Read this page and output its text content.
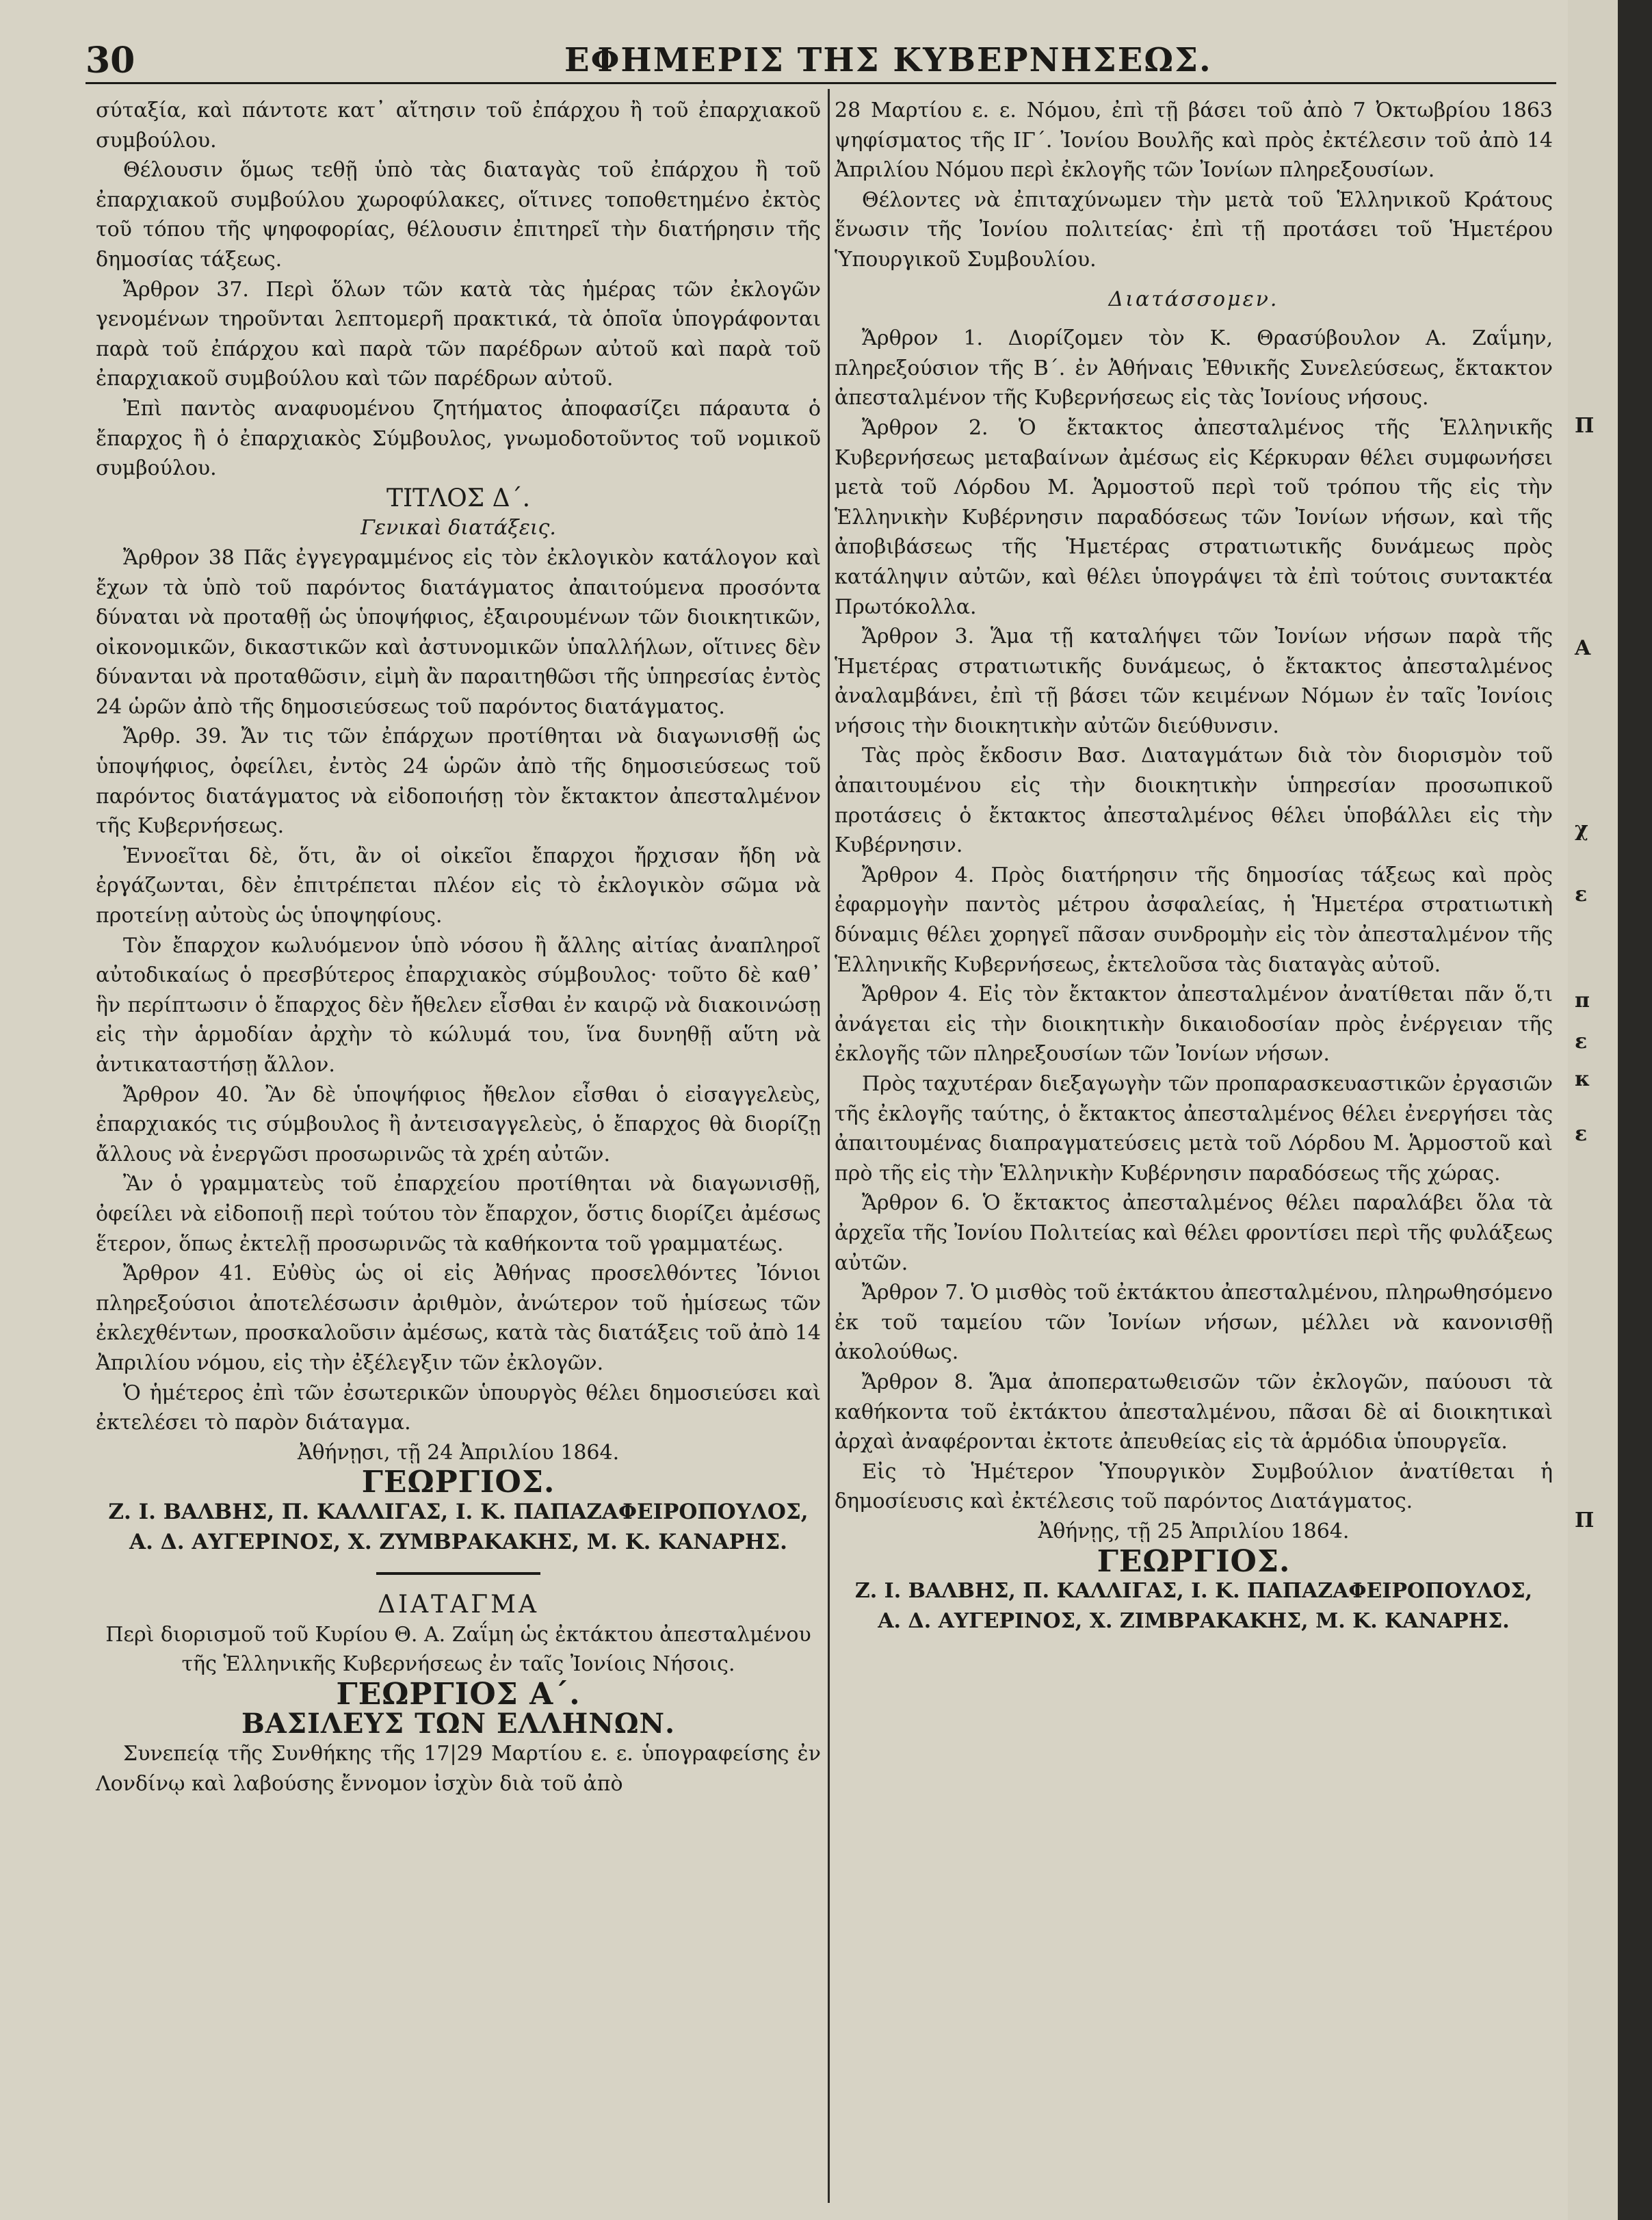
30	ΕΦΗΜΕΡΙΣ ΤΗΣ ΚΥΒΕΡΝΗΣΕΩΣ.

σύταξία, καὶ πάντοτε κατ᾽ αἴτησιν τοῦ ἐπάρχου ἢ τοῦ ἐπαρχιακοῦ συμβούλου.

Θέλουσιν ὅμως τεθῇ ὑπὸ τὰς διαταγὰς τοῦ ἐπάρχου ἢ τοῦ ἐπαρχιακοῦ συμβούλου χωροφύλακες, οἵτινες τοποθετημένο ἐκτὸς τοῦ τόπου τῆς ψηφοφορίας, θέλουσιν ἐπιτηρεῖ τὴν διατήρησιν τῆς δημοσίας τάξεως.

Ἄρθρον 37. Περὶ ὅλων τῶν κατὰ τὰς ἡμέρας τῶν ἐκλογῶν γενομένων τηροῦνται λεπτομερῆ πρακτικά, τὰ ὁποῖα ὑπογράφονται παρὰ τοῦ ἐπάρχου καὶ παρὰ τῶν παρέδρων αὐτοῦ καὶ παρὰ τοῦ ἐπαρχιακοῦ συμβούλου καὶ τῶν παρέδρων αὐτοῦ.

Ἐπὶ παντὸς αναφυομένου ζητήματος ἀποφασίζει πάραυτα ὁ ἔπαρχος ἢ ὁ ἐπαρχιακὸς Σύμβουλος, γνωμοδοτοῦντος τοῦ νομικοῦ συμβούλου.

ΤΙΤΛΟΣ Δ΄.

Γενικαὶ διατάξεις.

Ἄρθρον 38 Πᾶς ἐγγεγραμμένος εἰς τὸν ἐκλογικὸν κατάλογον καὶ ἔχων τὰ ὑπὸ τοῦ παρόντος διατάγματος ἀπαιτούμενα προσόντα δύναται νὰ προταθῇ ὡς ὑποψήφιος, ἐξαιρουμένων τῶν διοικητικῶν, οἰκονομικῶν, δικαστικῶν καὶ ἀστυνομικῶν ὑπαλλήλων, οἵτινες δὲν δύνανται νὰ προταθῶσιν, εἰμὴ ἂν παραιτηθῶσι τῆς ὑπηρεσίας ἐντὸς 24 ὡρῶν ἀπὸ τῆς δημοσιεύσεως τοῦ παρόντος διατάγματος.

Ἄρθρ. 39. Ἄν τις τῶν ἐπάρχων προτίθηται νὰ διαγωνισθῇ ὡς ὑποψήφιος, ὀφείλει, ἐντὸς 24 ὡρῶν ἀπὸ τῆς δημοσιεύσεως τοῦ παρόντος διατάγματος νὰ εἰδοποιήσῃ τὸν ἔκτακτον ἀπεσταλμένον τῆς Κυβερνήσεως.

Ἐννοεῖται δὲ, ὅτι, ἂν οἱ οἰκεῖοι ἔπαρχοι ἤρχισαν ἤδη νὰ ἐργάζωνται, δὲν ἐπιτρέπεται πλέον εἰς τὸ ἐκλογικὸν σῶμα νὰ προτείνῃ αὐτοὺς ὡς ὑποψηφίους.

Τὸν ἔπαρχον κωλυόμενον ὑπὸ νόσου ἢ ἄλλης αἰτίας ἀναπληροῖ αὐτοδικαίως ὁ πρεσβύτερος ἐπαρχιακὸς σύμβουλος· τοῦτο δὲ καθ᾽ ἣν περίπτωσιν ὁ ἔπαρχος δὲν ἤθελεν εἶσθαι ἐν καιρῷ νὰ διακοινώσῃ εἰς τὴν ἁρμοδίαν ἀρχὴν τὸ κώλυμά του, ἵνα δυνηθῇ αὕτη νὰ ἀντικαταστήσῃ ἄλλον.

Ἄρθρον 40. Ἂν δὲ ὑποψήφιος ἤθελον εἶσθαι ὁ εἰσαγγελεὺς, ἐπαρχιακός τις σύμβουλος ἢ ἀντεισαγγελεὺς, ὁ ἔπαρχος θὰ διορίζῃ ἄλλους νὰ ἐνεργῶσι προσωρινῶς τὰ χρέη αὐτῶν.

Ἂν ὁ γραμματεὺς τοῦ ἐπαρχείου προτίθηται νὰ διαγωνισθῇ, ὀφείλει νὰ εἰδοποιῇ περὶ τούτου τὸν ἔπαρχον, ὅστις διορίζει ἀμέσως ἕτερον, ὅπως ἐκτελῇ προσωρινῶς τὰ καθήκοντα τοῦ γραμματέως.

Ἄρθρον 41. Εὐθὺς ὡς οἱ εἰς Ἀθήνας προσελθόντες Ἰόνιοι πληρεξούσιοι ἀποτελέσωσιν ἀριθμὸν, ἀνώτερον τοῦ ἡμίσεως τῶν ἐκλεχθέντων, προσκαλοῦσιν ἀμέσως, κατὰ τὰς διατάξεις τοῦ ἀπὸ 14 Ἀπριλίου νόμου, εἰς τὴν ἐξέλεγξιν τῶν ἐκλογῶν.

Ὁ ἡμέτερος ἐπὶ τῶν ἐσωτερικῶν ὑπουργὸς θέλει δημοσιεύσει καὶ ἐκτελέσει τὸ παρὸν διάταγμα.

Ἀθήνῃσι, τῇ 24 Ἀπριλίου 1864.

ΓΕΩΡΓΙΟΣ.

Ζ. Ι. ΒΑΛΒΗΣ, Π. ΚΑΛΛΙΓΑΣ, Ι. Κ. ΠΑΠΑΖΑΦΕΙΡΟΠΟΥΛΟΣ,

Α. Δ. ΑΥΓΕΡΙΝΟΣ, Χ. ΖΥΜΒΡΑΚΑΚΗΣ, Μ. Κ. ΚΑΝΑΡΗΣ.

ΔΙΑΤΑΓΜΑ

Περὶ διορισμοῦ τοῦ Κυρίου Θ. Α. Ζαΐμη ὡς ἐκτάκτου ἀπεσταλμένου τῆς Ἑλληνικῆς Κυβερνήσεως ἐν ταῖς Ἰονίοις Νήσοις.

ΓΕΩΡΓΙΟΣ Α΄.

ΒΑΣΙΛΕΥΣ ΤΩΝ ΕΛΛΗΝΩΝ.

Συνεπείᾳ τῆς Συνθήκης τῆς 17|29 Μαρτίου ε. ε. ὑπογραφείσης ἐν Λονδίνῳ καὶ λαβούσης ἔννομον ἰσχὺν διὰ τοῦ ἀπὸ

28 Μαρτίου ε. ε. Νόμου, ἐπὶ τῇ βάσει τοῦ ἀπὸ 7 Ὀκτωβρίου 1863 ψηφίσματος τῆς ΙΓ΄. Ἰονίου Βουλῆς καὶ πρὸς ἐκτέλεσιν τοῦ ἀπὸ 14 Ἀπριλίου Νόμου περὶ ἐκλογῆς τῶν Ἰονίων πληρεξουσίων.

Θέλοντες νὰ ἐπιταχύνωμεν τὴν μετὰ τοῦ Ἑλληνικοῦ Κράτους ἕνωσιν τῆς Ἰονίου πολιτείας· ἐπὶ τῇ προτάσει τοῦ Ἡμετέρου Ὑπουργικοῦ Συμβουλίου.

Διατάσσομεν.

Ἄρθρον 1. Διορίζομεν τὸν Κ. Θρασύβουλον Α. Ζαΐμην, πληρεξούσιον τῆς Β΄. ἐν Ἀθήναις Ἐθνικῆς Συνελεύσεως, ἔκτακτον ἀπεσταλμένον τῆς Κυβερνήσεως εἰς τὰς Ἰονίους νήσους.

Ἄρθρον 2. Ὁ ἔκτακτος ἀπεσταλμένος τῆς Ἑλληνικῆς Κυβερνήσεως μεταβαίνων ἀμέσως εἰς Κέρκυραν θέλει συμφωνήσει μετὰ τοῦ Λόρδου Μ. Ἁρμοστοῦ περὶ τοῦ τρόπου τῆς εἰς τὴν Ἑλληνικὴν Κυβέρνησιν παραδόσεως τῶν Ἰονίων νήσων, καὶ τῆς ἀποβιβάσεως τῆς Ἡμετέρας στρατιωτικῆς δυνάμεως πρὸς κατάληψιν αὐτῶν, καὶ θέλει ὑπογράψει τὰ ἐπὶ τούτοις συντακτέα Πρωτόκολλα.

Ἄρθρον 3. Ἅμα τῇ καταλήψει τῶν Ἰονίων νήσων παρὰ τῆς Ἡμετέρας στρατιωτικῆς δυνάμεως, ὁ ἔκτακτος ἀπεσταλμένος ἀναλαμβάνει, ἐπὶ τῇ βάσει τῶν κειμένων Νόμων ἐν ταῖς Ἰονίοις νήσοις τὴν διοικητικὴν αὐτῶν διεύθυνσιν.

Τὰς πρὸς ἔκδοσιν Βασ. Διαταγμάτων διὰ τὸν διορισμὸν τοῦ ἀπαιτουμένου εἰς τὴν διοικητικὴν ὑπηρεσίαν προσωπικοῦ προτάσεις ὁ ἔκτακτος ἀπεσταλμένος θέλει ὑποβάλλει εἰς τὴν Κυβέρνησιν.

Ἄρθρον 4. Πρὸς διατήρησιν τῆς δημοσίας τάξεως καὶ πρὸς ἐφαρμογὴν παντὸς μέτρου ἀσφαλείας, ἡ Ἡμετέρα στρατιωτικὴ δύναμις θέλει χορηγεῖ πᾶσαν συνδρομὴν εἰς τὸν ἀπεσταλμένον τῆς Ἑλληνικῆς Κυβερνήσεως, ἐκτελοῦσα τὰς διαταγὰς αὐτοῦ.

Ἄρθρον 4. Εἰς τὸν ἔκτακτον ἀπεσταλμένον ἀνατίθεται πᾶν ὅ,τι ἀνάγεται εἰς τὴν διοικητικὴν δικαιοδοσίαν πρὸς ἐνέργειαν τῆς ἐκλογῆς τῶν πληρεξουσίων τῶν Ἰονίων νήσων.

Πρὸς ταχυτέραν διεξαγωγὴν τῶν προπαρασκευαστικῶν ἐργασιῶν τῆς ἐκλογῆς ταύτης, ὁ ἔκτακτος ἀπεσταλμένος θέλει ἐνεργήσει τὰς ἀπαιτουμένας διαπραγματεύσεις μετὰ τοῦ Λόρδου Μ. Ἁρμοστοῦ καὶ πρὸ τῆς εἰς τὴν Ἑλληνικὴν Κυβέρνησιν παραδόσεως τῆς χώρας.

Ἄρθρον 6. Ὁ ἔκτακτος ἀπεσταλμένος θέλει παραλάβει ὅλα τὰ ἀρχεῖα τῆς Ἰονίου Πολιτείας καὶ θέλει φροντίσει περὶ τῆς φυλάξεως αὐτῶν.

Ἄρθρον 7. Ὁ μισθὸς τοῦ ἐκτάκτου ἀπεσταλμένου, πληρωθησόμενο ἐκ τοῦ ταμείου τῶν Ἰονίων νήσων, μέλλει νὰ κανονισθῇ ἀκολούθως.

Ἄρθρον 8. Ἅμα ἀποπερατωθεισῶν τῶν ἐκλογῶν, παύουσι τὰ καθήκοντα τοῦ ἐκτάκτου ἀπεσταλμένου, πᾶσαι δὲ αἱ διοικητικαὶ ἀρχαὶ ἀναφέρονται ἐκτοτε ἀπευθείας εἰς τὰ ἁρμόδια ὑπουργεῖα.

Εἰς τὸ Ἡμέτερον Ὑπουργικὸν Συμβούλιον ἀνατίθεται ἡ δημοσίευσις καὶ ἐκτέλεσις τοῦ παρόντος Διατάγματος.

Ἀθήνῃς, τῇ 25 Ἀπριλίου 1864.

ΓΕΩΡΓΙΟΣ.

Ζ. Ι. ΒΑΛΒΗΣ, Π. ΚΑΛΛΙΓΑΣ, Ι. Κ. ΠΑΠΑΖΑΦΕΙΡΟΠΟΥΛΟΣ,

Α. Δ. ΑΥΓΕΡΙΝΟΣ, Χ. ΖΙΜΒΡΑΚΑΚΗΣ, Μ. Κ. ΚΑΝΑΡΗΣ.

Π
Α
χ
ε
π
ε
κ
ε
Π
